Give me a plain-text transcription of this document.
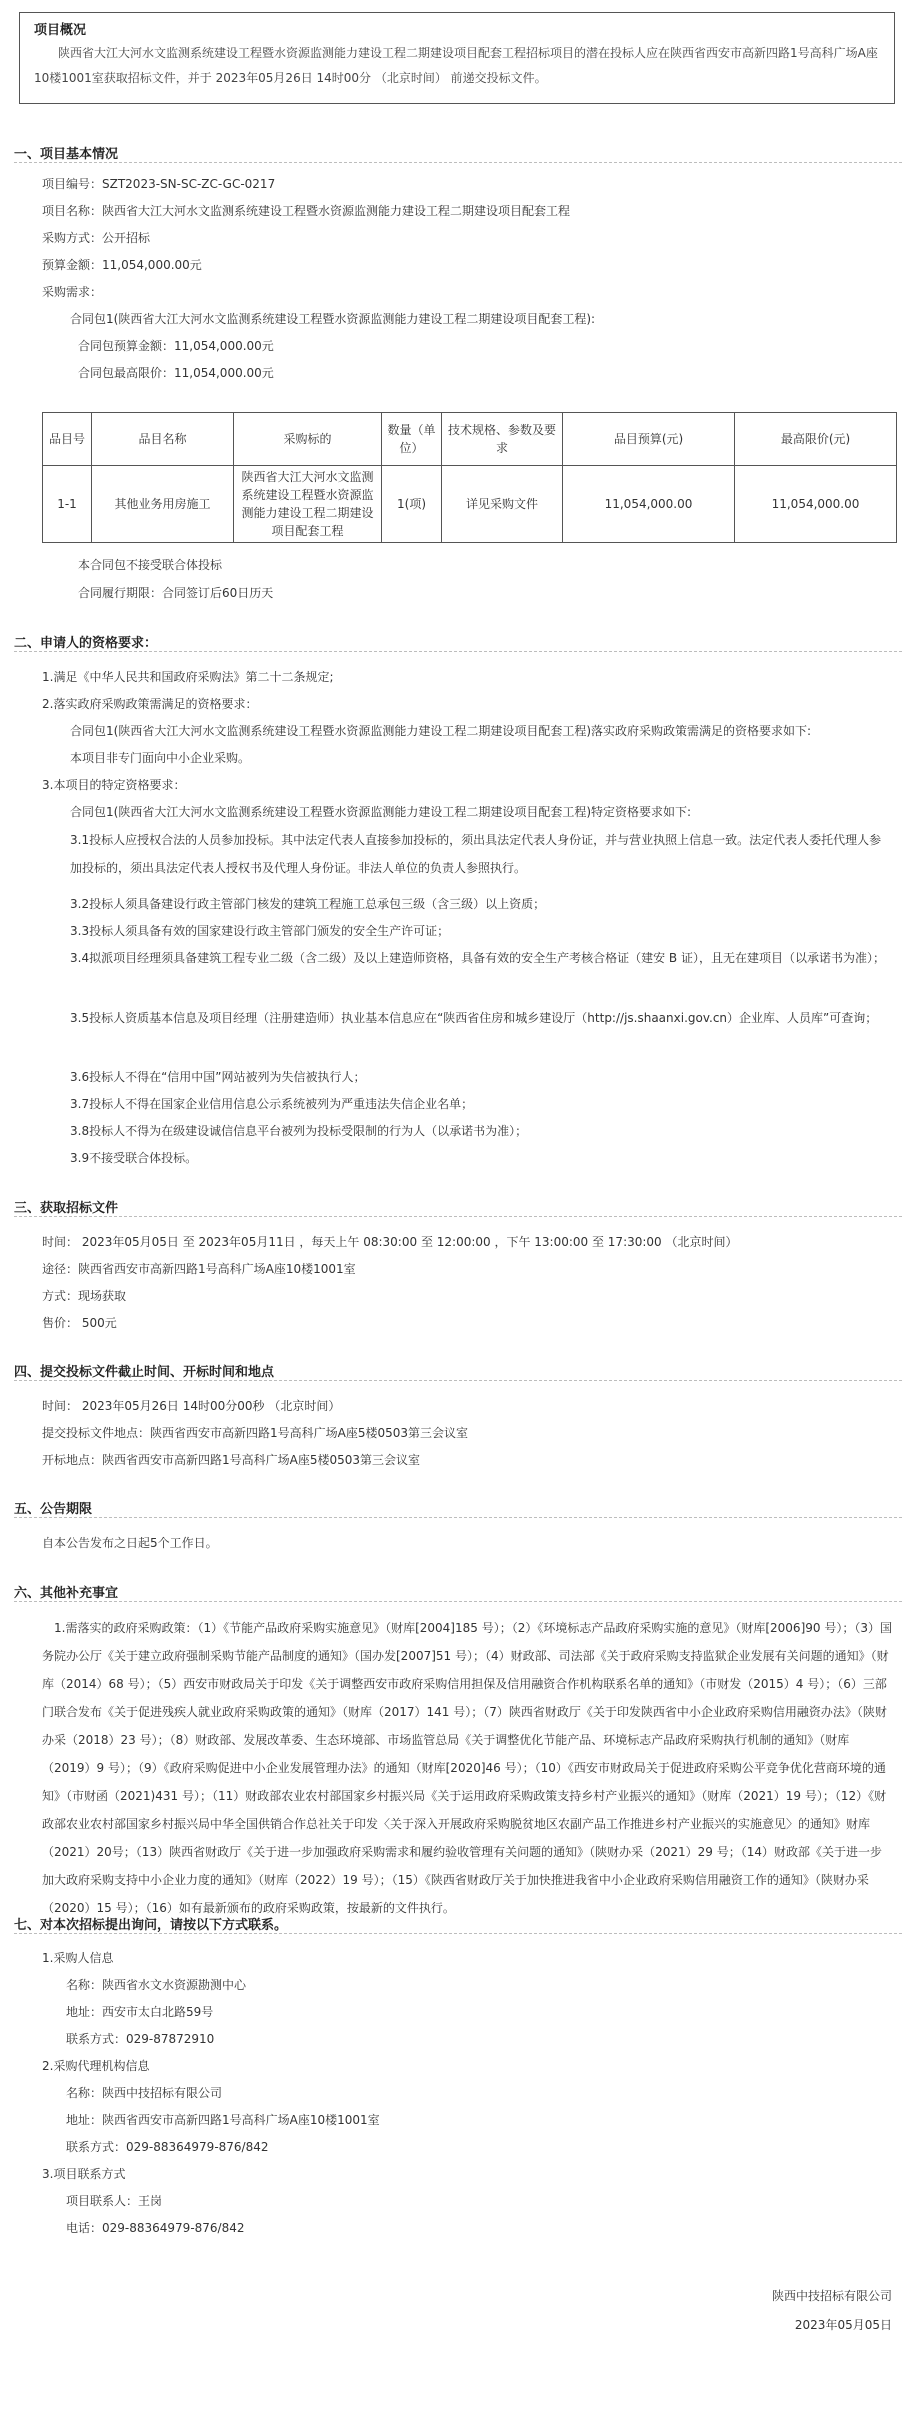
项目概况
陕西省大江大河水文监测系统建设工程暨水资源监测能力建设工程二期建设项目配套工程招标项目的潜在投标人应在陕西省西安市高新四路1号高科广场A座10楼1001室获取招标文件，并于 2023年05月26日 14时00分 （北京时间） 前递交投标文件。
一、项目基本情况
项目编号：SZT2023-SN-SC-ZC-GC-0217
项目名称：陕西省大江大河水文监测系统建设工程暨水资源监测能力建设工程二期建设项目配套工程
采购方式：公开招标
预算金额：11,054,000.00元
采购需求：
合同包1(陕西省大江大河水文监测系统建设工程暨水资源监测能力建设工程二期建设项目配套工程):
合同包预算金额：11,054,000.00元
合同包最高限价：11,054,000.00元
品目号	品目名称	采购标的	数量（单位）	技术规格、参数及要求	品目预算(元)	最高限价(元)
1-1	其他业务用房施工	陕西省大江大河水文监测系统建设工程暨水资源监测能力建设工程二期建设项目配套工程	1(项)	详见采购文件	11,054,000.00	11,054,000.00
本合同包不接受联合体投标
合同履行期限：合同签订后60日历天
二、申请人的资格要求：
1.满足《中华人民共和国政府采购法》第二十二条规定;
2.落实政府采购政策需满足的资格要求：
合同包1(陕西省大江大河水文监测系统建设工程暨水资源监测能力建设工程二期建设项目配套工程)落实政府采购政策需满足的资格要求如下:
本项目非专门面向中小企业采购。
3.本项目的特定资格要求：
合同包1(陕西省大江大河水文监测系统建设工程暨水资源监测能力建设工程二期建设项目配套工程)特定资格要求如下:
3.1投标人应授权合法的人员参加投标。其中法定代表人直接参加投标的，须出具法定代表人身份证，并与营业执照上信息一致。法定代表人委托代理人参加投标的，须出具法定代表人授权书及代理人身份证。非法人单位的负责人参照执行。
3.2投标人须具备建设行政主管部门核发的建筑工程施工总承包三级（含三级）以上资质；
3.3投标人须具备有效的国家建设行政主管部门颁发的安全生产许可证；
3.4拟派项目经理须具备建筑工程专业二级（含二级）及以上建造师资格，具备有效的安全生产考核合格证（建安 B 证），且无在建项目（以承诺书为准）；
3.5投标人资质基本信息及项目经理（注册建造师）执业基本信息应在“陕西省住房和城乡建设厅（http://js.shaanxi.gov.cn）企业库、人员库”可查询；
3.6投标人不得在“信用中国”网站被列为失信被执行人；
3.7投标人不得在国家企业信用信息公示系统被列为严重违法失信企业名单；
3.8投标人不得为在级建设诚信信息平台被列为投标受限制的行为人（以承诺书为准）；
3.9不接受联合体投标。
三、获取招标文件
时间： 2023年05月05日 至 2023年05月11日 ，每天上午 08:30:00 至 12:00:00 ，下午 13:00:00 至 17:30:00 （北京时间）
途径：陕西省西安市高新四路1号高科广场A座10楼1001室
方式：现场获取
售价： 500元
四、提交投标文件截止时间、开标时间和地点
时间： 2023年05月26日 14时00分00秒 （北京时间）
提交投标文件地点：陕西省西安市高新四路1号高科广场A座5楼0503第三会议室
开标地点：陕西省西安市高新四路1号高科广场A座5楼0503第三会议室
五、公告期限
自本公告发布之日起5个工作日。
六、其他补充事宜
1.需落实的政府采购政策：（1）《节能产品政府采购实施意见》（财库[2004]185 号）；（2）《环境标志产品政府采购实施的意见》（财库[2006]90 号）；（3）国务院办公厅《关于建立政府强制采购节能产品制度的通知》（国办发[2007]51 号）；（4）财政部、司法部《关于政府采购支持监狱企业发展有关问题的通知》（财库（2014）68 号）；（5）西安市财政局关于印发《关于调整西安市政府采购信用担保及信用融资合作机构联系名单的通知》（市财发（2015）4 号）；（6）三部门联合发布《关于促进残疾人就业政府采购政策的通知》（财库（2017）141 号）；（7）陕西省财政厅《关于印发陕西省中小企业政府采购信用融资办法》（陕财办采（2018）23 号）；（8）财政部、发展改革委、生态环境部、市场监管总局《关于调整优化节能产品、环境标志产品政府采购执行机制的通知》（财库（2019）9 号）；（9）《政府采购促进中小企业发展管理办法》的通知（财库[2020]46 号）；（10）《西安市财政局关于促进政府采购公平竞争优化营商环境的通知》（市财函（2021)431 号）；（11）财政部农业农村部国家乡村振兴局《关于运用政府采购政策支持乡村产业振兴的通知》（财库（2021）19 号）；（12）《财政部农业农村部国家乡村振兴局中华全国供销合作总社关于印发〈关于深入开展政府采购脱贫地区农副产品工作推进乡村产业振兴的实施意见〉的通知》财库（2021）20号；（13）陕西省财政厅《关于进一步加强政府采购需求和履约验收管理有关问题的通知》（陕财办采（2021）29 号；（14）财政部《关于进一步加大政府采购支持中小企业力度的通知》（财库（2022）19 号）；（15）《陕西省财政厅关于加快推进我省中小企业政府采购信用融资工作的通知》（陕财办采（2020）15 号）；（16）如有最新颁布的政府采购政策，按最新的文件执行。
七、对本次招标提出询问，请按以下方式联系。
1.采购人信息
名称：陕西省水文水资源勘测中心
地址：西安市太白北路59号
联系方式：029-87872910
2.采购代理机构信息
名称：陕西中技招标有限公司
地址：陕西省西安市高新四路1号高科广场A座10楼1001室
联系方式：029-88364979-876/842
3.项目联系方式
项目联系人：王岗
电话：029-88364979-876/842
陕西中技招标有限公司
2023年05月05日
